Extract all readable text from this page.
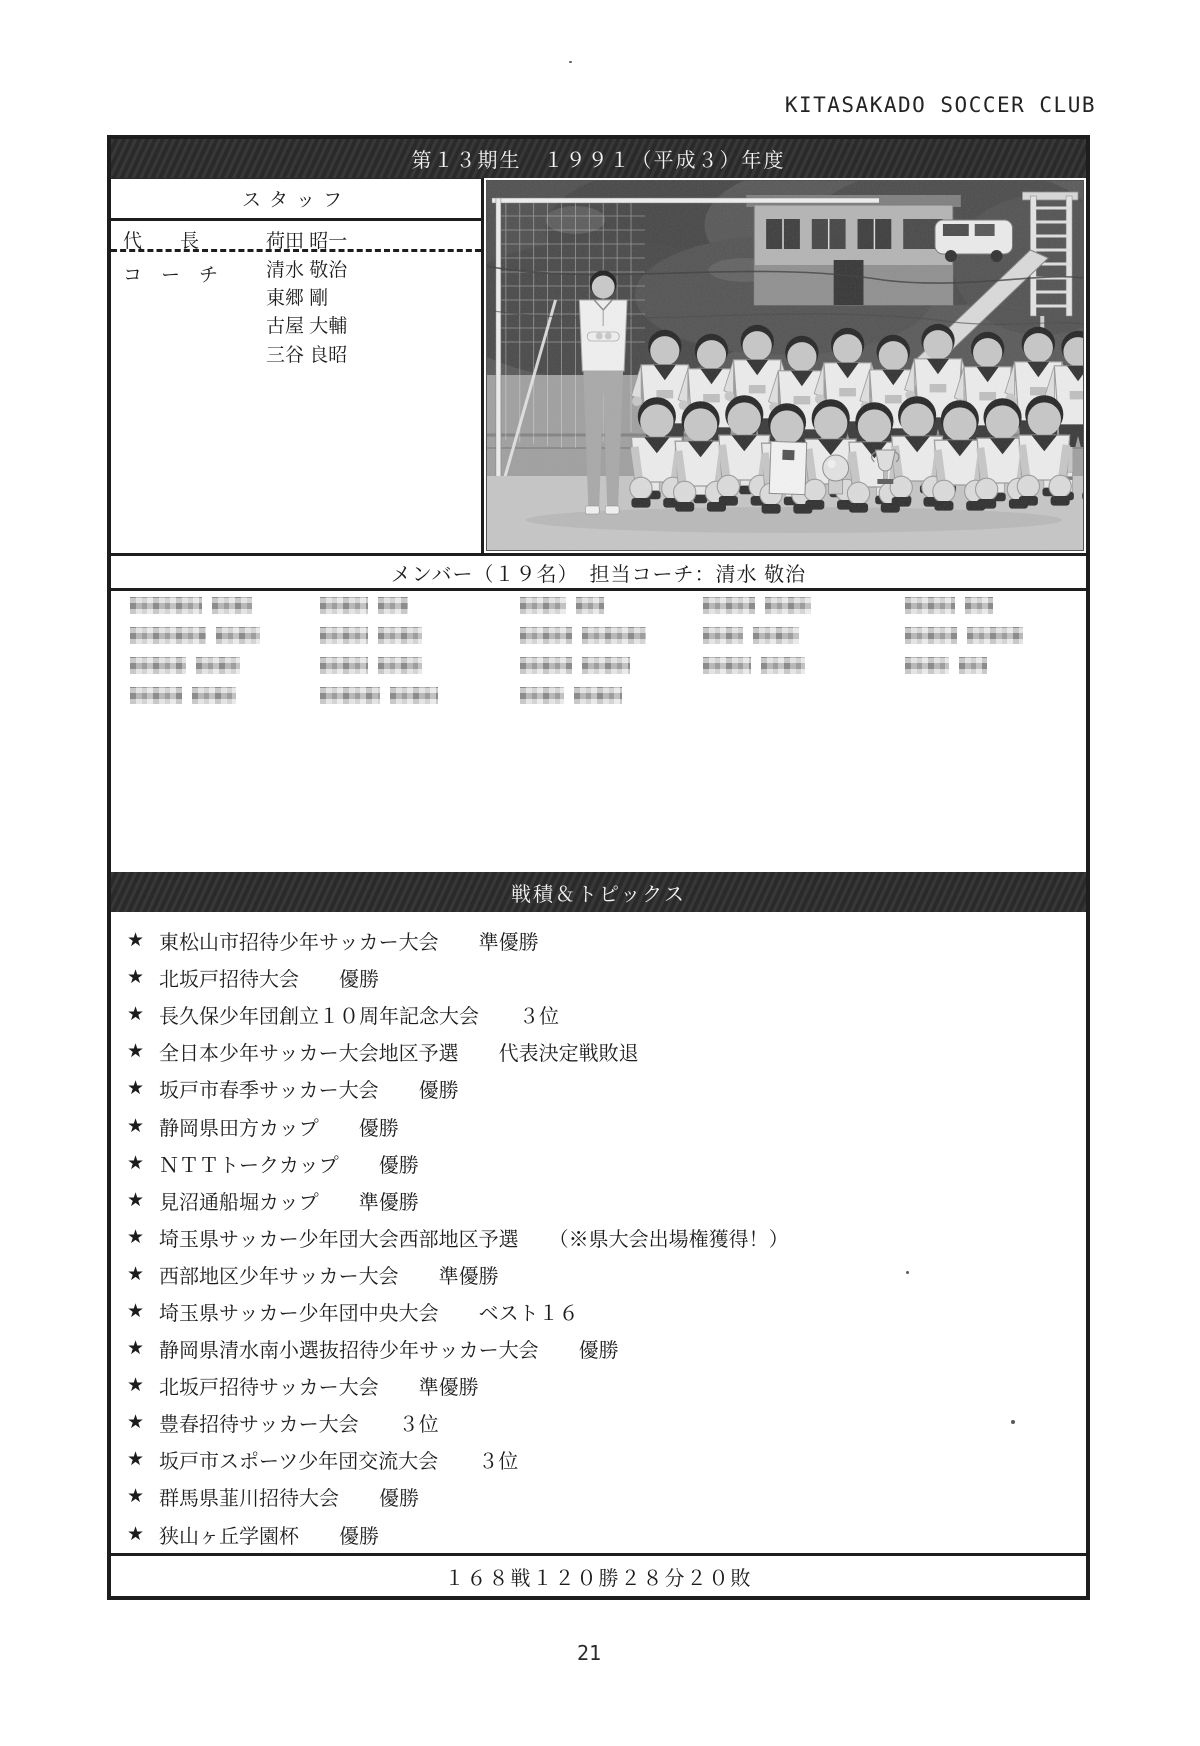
KITASAKADO SOCCER CLUB
第１３期生　１９９１（平成３）年度
スタッフ
代　　長	荷田 昭一
コ　ー　チ	清水 敬治
東郷 剛
古屋 大輔
三谷 良昭
メンバー（１９名）　担当コーチ：清水 敬治
戦積＆トピックス
★ 東松山市招待少年サッカー大会　　準優勝
★ 北坂戸招待大会　　優勝
★ 長久保少年団創立１０周年記念大会　　３位
★ 全日本少年サッカー大会地区予選　　代表決定戦敗退
★ 坂戸市春季サッカー大会　　優勝
★ 静岡県田方カップ　　優勝
★ ＮＴＴトークカップ　　優勝
★ 見沼通船堀カップ　　準優勝
★ 埼玉県サッカー少年団大会西部地区予選　　（※県大会出場権獲得！）
★ 西部地区少年サッカー大会　　準優勝
★ 埼玉県サッカー少年団中央大会　　ベスト１６
★ 静岡県清水南小選抜招待少年サッカー大会　　優勝
★ 北坂戸招待サッカー大会　　準優勝
★ 豊春招待サッカー大会　　３位
★ 坂戸市スポーツ少年団交流大会　　３位
★ 群馬県韮川招待大会　　優勝
★ 狭山ヶ丘学園杯　　優勝
１６８戦１２０勝２８分２０敗
21
